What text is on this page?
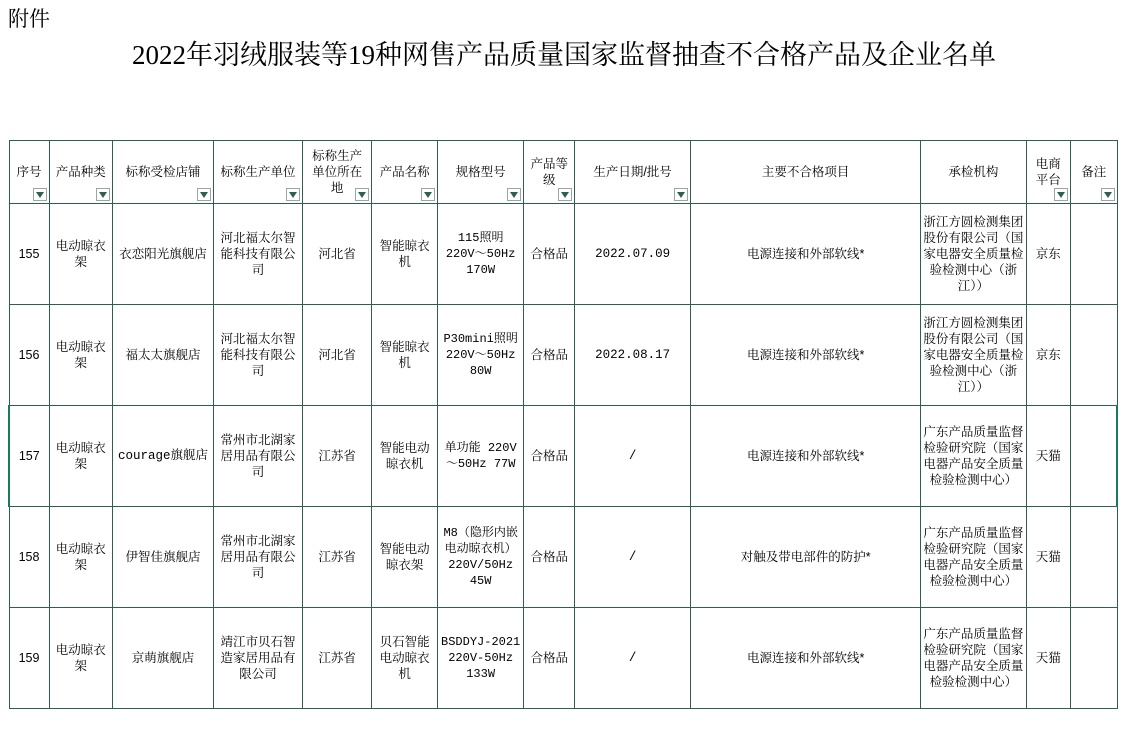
附件
2022年羽绒服装等19种网售产品质量国家监督抽查不合格产品及企业名单
序号	产品种类	标称受检店铺	标称生产单位	标称生产单位所在地	产品名称	规格型号	产品等级	生产日期/批号	主要不合格项目	承检机构	电商平台	备注

155	电动晾衣架	衣恋阳光旗舰店	河北福太尔智能科技有限公司	河北省	智能晾衣机	115照明 220V～50Hz 170W	合格品	2022.07.09	电源连接和外部软线*	浙江方圆检测集团股份有限公司（国家电器安全质量检验检测中心（浙江））	京东	
156	电动晾衣架	福太太旗舰店	河北福太尔智能科技有限公司	河北省	智能晾衣机	P30mini照明 220V～50Hz 80W	合格品	2022.08.17	电源连接和外部软线*	浙江方圆检测集团股份有限公司（国家电器安全质量检验检测中心（浙江））	京东	
157	电动晾衣架	courage旗舰店	常州市北湖家居用品有限公司	江苏省	智能电动晾衣机	单功能 220V～50Hz 77W	合格品	/	电源连接和外部软线*	广东产品质量监督检验研究院（国家电器产品安全质量检验检测中心）	天猫	
158	电动晾衣架	伊智佳旗舰店	常州市北湖家居用品有限公司	江苏省	智能电动晾衣架	M8（隐形内嵌电动晾衣机）220V/50Hz 45W	合格品	/	对触及带电部件的防护*	广东产品质量监督检验研究院（国家电器产品安全质量检验检测中心）	天猫	
159	电动晾衣架	京萌旗舰店	靖江市贝石智造家居用品有限公司	江苏省	贝石智能电动晾衣机	BSDDYJ-2021 220V-50Hz 133W	合格品	/	电源连接和外部软线*	广东产品质量监督检验研究院（国家电器产品安全质量检验检测中心）	天猫	
